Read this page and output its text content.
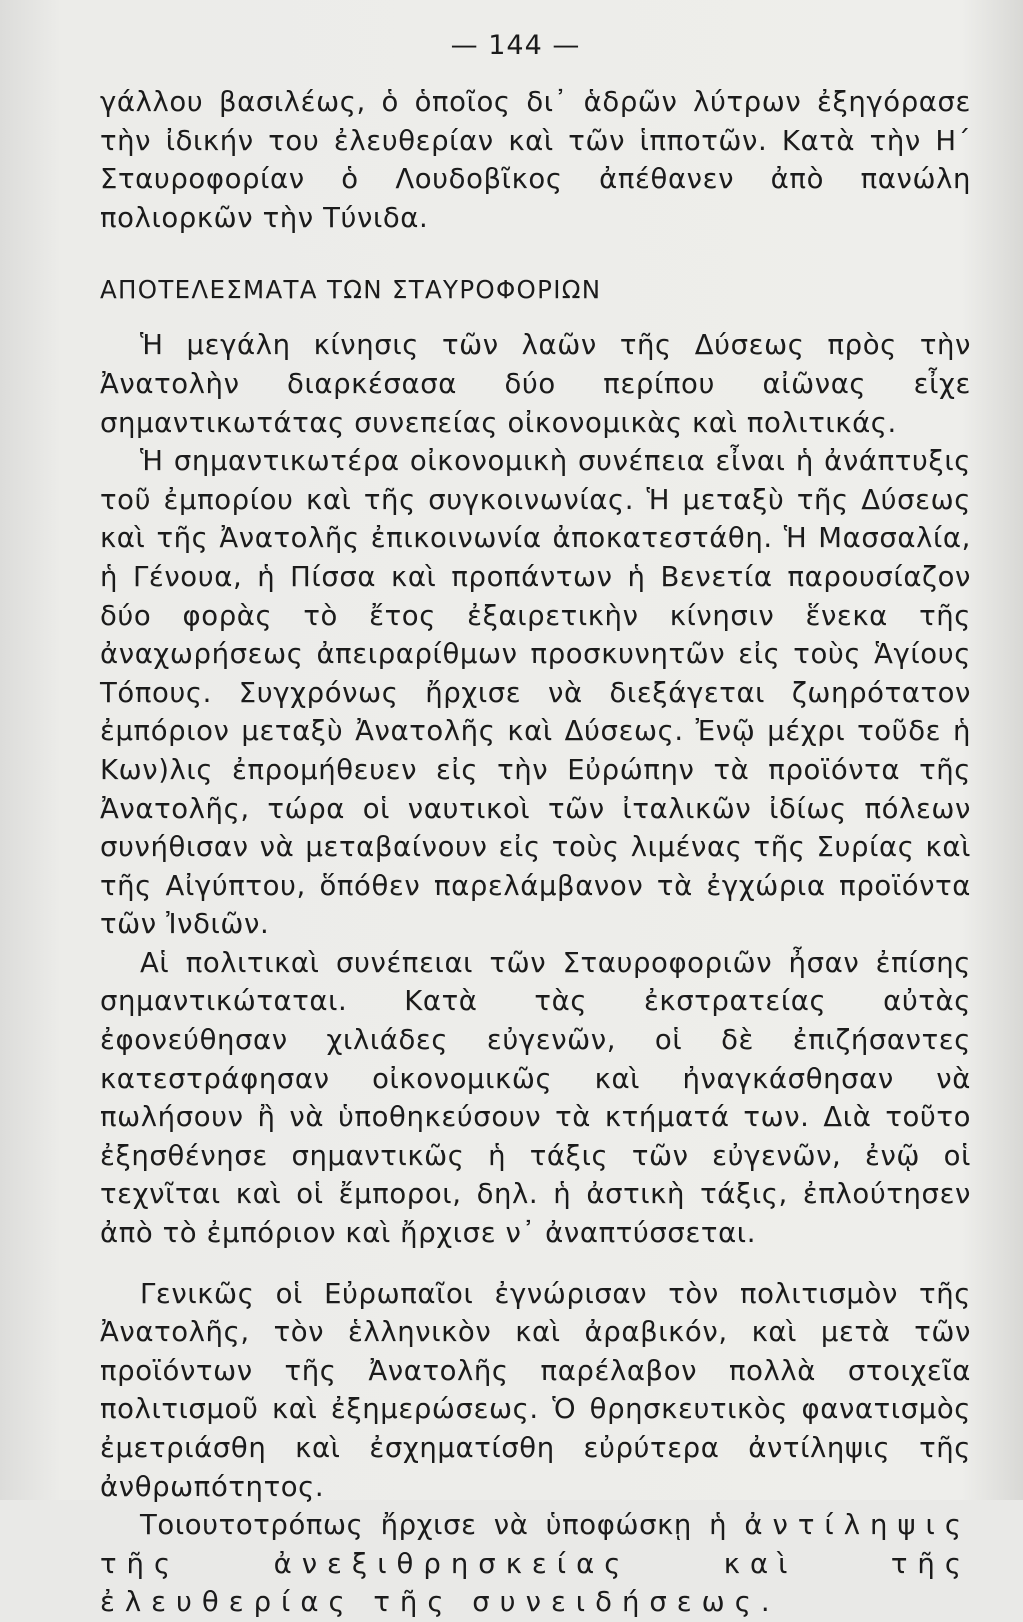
— 144 —

γάλλου βασιλέως, ὁ ὁποῖος δι᾽ ἁδρῶν λύτρων ἐξηγόρασε τὴν ἰδικήν του ἐλευθερίαν καὶ τῶν ἱπποτῶν. Κατὰ τὴν Η΄ Σταυροφορίαν ὁ Λουδοβῖκος ἀπέθανεν ἀπὸ πανώλη πολιορκῶν τὴν Τύνιδα.

ΑΠΟΤΕΛΕΣΜΑΤΑ ΤΩΝ ΣΤΑΥΡΟΦΟΡΙΩΝ

Ἡ μεγάλη κίνησις τῶν λαῶν τῆς Δύσεως πρὸς τὴν Ἀνατολὴν διαρκέσασα δύο περίπου αἰῶνας εἶχε σημαντικωτάτας συνεπείας οἰκονομικὰς καὶ πολιτικάς.

Ἡ σημαντικωτέρα οἰκονομικὴ συνέπεια εἶναι ἡ ἀνάπτυξις τοῦ ἐμπορίου καὶ τῆς συγκοινωνίας. Ἡ μεταξὺ τῆς Δύσεως καὶ τῆς Ἀνατολῆς ἐπικοινωνία ἀποκατεστάθη. Ἡ Μασσαλία, ἡ Γένουα, ἡ Πίσσα καὶ προπάντων ἡ Βενετία παρουσίαζον δύο φορὰς τὸ ἔτος ἐξαιρετικὴν κίνησιν ἕνεκα τῆς ἀναχωρήσεως ἀπειραρίθμων προσκυνητῶν εἰς τοὺς Ἁγίους Τόπους. Συγχρόνως ἤρχισε νὰ διεξάγεται ζωηρότατον ἐμπόριον μεταξὺ Ἀνατολῆς καὶ Δύσεως. Ἐνῷ μέχρι τοῦδε ἡ Κων)λις ἐπρομήθευεν εἰς τὴν Εὐρώπην τὰ προϊόντα τῆς Ἀνατολῆς, τώρα οἱ ναυτικοὶ τῶν ἰταλικῶν ἰδίως πόλεων συνήθισαν νὰ μεταβαίνουν εἰς τοὺς λιμένας τῆς Συρίας καὶ τῆς Αἰγύπτου, ὅπόθεν παρελάμβανον τὰ ἐγχώρια προϊόντα τῶν Ἰνδιῶν.

Αἱ πολιτικαὶ συνέπειαι τῶν Σταυροφοριῶν ἦσαν ἐπίσης σημαντικώταται. Κατὰ τὰς ἐκστρατείας αὐτὰς ἐφονεύθησαν χιλιάδες εὐγενῶν, οἱ δὲ ἐπιζήσαντες κατεστράφησαν οἰκονομικῶς καὶ ἠναγκάσθησαν νὰ πωλήσουν ἢ νὰ ὑποθηκεύσουν τὰ κτήματά των. Διὰ τοῦτο ἐξησθένησε σημαντικῶς ἡ τάξις τῶν εὐγενῶν, ἐνῷ οἱ τεχνῖται καὶ οἱ ἔμποροι, δηλ. ἡ ἀστικὴ τάξις, ἐπλούτησεν ἀπὸ τὸ ἐμπόριον καὶ ἤρχισε ν᾽ ἀναπτύσσεται.

Γενικῶς οἱ Εὐρωπαῖοι ἐγνώρισαν τὸν πολιτισμὸν τῆς Ἀνατολῆς, τὸν ἑλληνικὸν καὶ ἀραβικόν, καὶ μετὰ τῶν προϊόντων τῆς Ἀνατολῆς παρέλαβον πολλὰ στοιχεῖα πολιτισμοῦ καὶ ἐξημερώσεως. Ὁ θρησκευτικὸς φανατισμὸς ἐμετριάσθη καὶ ἐσχηματίσθη εὐρύτερα ἀντίληψις τῆς ἀνθρωπότητος.

Τοιουτοτρόπως ἤρχισε νὰ ὑποφώσκῃ ἡ ἀντίληψις τῆς ἀνεξιθρησκείας καὶ τῆς ἐλευθερίας τῆς συνειδήσεως.
